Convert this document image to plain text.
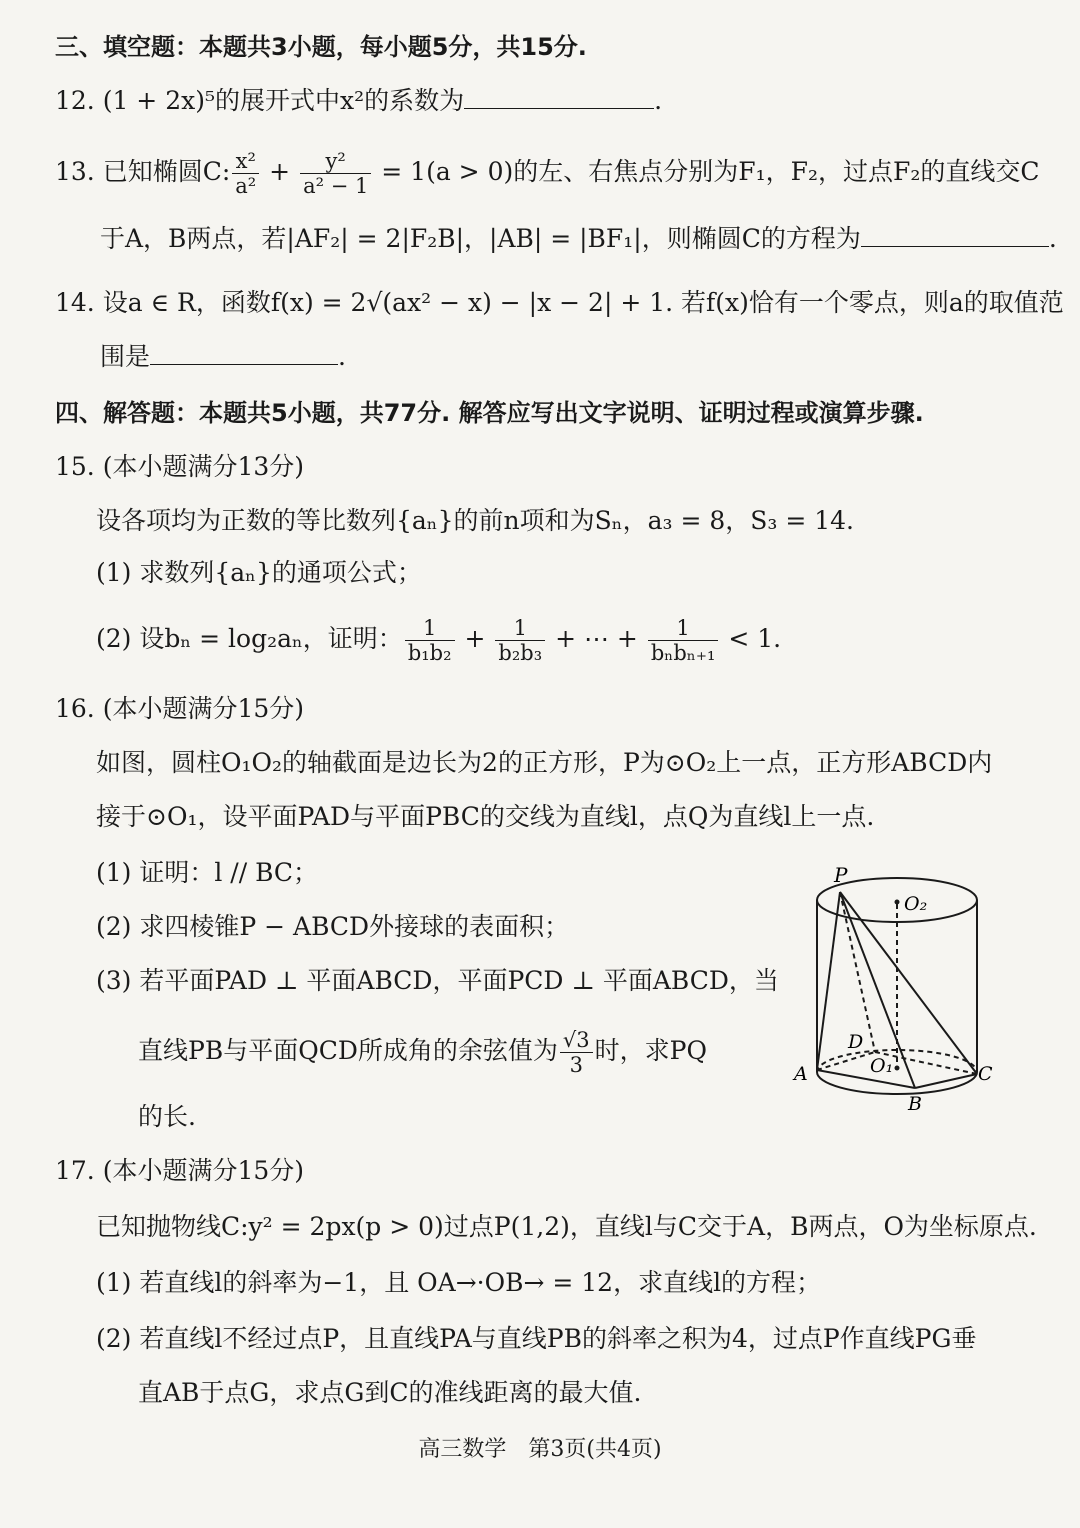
三、填空题：本题共3小题，每小题5分，共15分.
12. (1 + 2x)⁵的展开式中x²的系数为	.
13. 已知椭圆C: $\frac{\text{x²}}{\text{a²}} + \frac{\text{y²}}{\text{a² − 1}} = 1(a > 0)$的左、右焦点分别为F₁，F₂，过点F₂的直线交C
于A，B两点，若|AF₂| = 2|F₂B|，|AB| = |BF₁|，则椭圆C的方程为	.
14. 设a ∈ R，函数f(x) = 2√(ax² − x) − |x − 2| + 1. 若f(x)恰有一个零点，则a的取值范
围是	.
四、解答题：本题共5小题，共77分. 解答应写出文字说明、证明过程或演算步骤.
15. (本小题满分13分)
设各项均为正数的等比数列{aₙ}的前n项和为Sₙ，a₃ = 8，S₃ = 14.
(1) 求数列{aₙ}的通项公式；
(2) 设bₙ = log₂aₙ，证明： $\frac{1}{\text{b₁b₂}} + \frac{1}{\text{b₂b₃}}$ + ⋯ + $\frac{1}{\text{bₙbₙ₊₁}} < 1$.
16. (本小题满分15分)
如图，圆柱O₁O₂的轴截面是边长为2的正方形，P为⊙O₂上一点，正方形ABCD内
接于⊙O₁，设平面PAD与平面PBC的交线为直线l，点Q为直线l上一点.
(1) 证明：l // BC；
(2) 求四棱锥P − ABCD外接球的表面积；
(3) 若平面PAD ⊥ 平面ABCD，平面PCD ⊥ 平面ABCD，当
直线PB与平面QCD所成角的余弦值为 $\frac{√3}{3}$ 时，求PQ
的长.
P
O₂
D
O₁
A
B
C
17. (本小题满分15分)
已知抛物线C:y² = 2px(p > 0)过点P(1,2)，直线l与C交于A，B两点，O为坐标原点.
(1) 若直线l的斜率为−1，且 OA→·OB→ = 12，求直线l的方程；
(2) 若直线l不经过点P，且直线PA与直线PB的斜率之积为4，过点P作直线PG垂
直AB于点G，求点G到C的准线距离的最大值.
高三数学　第3页(共4页)
